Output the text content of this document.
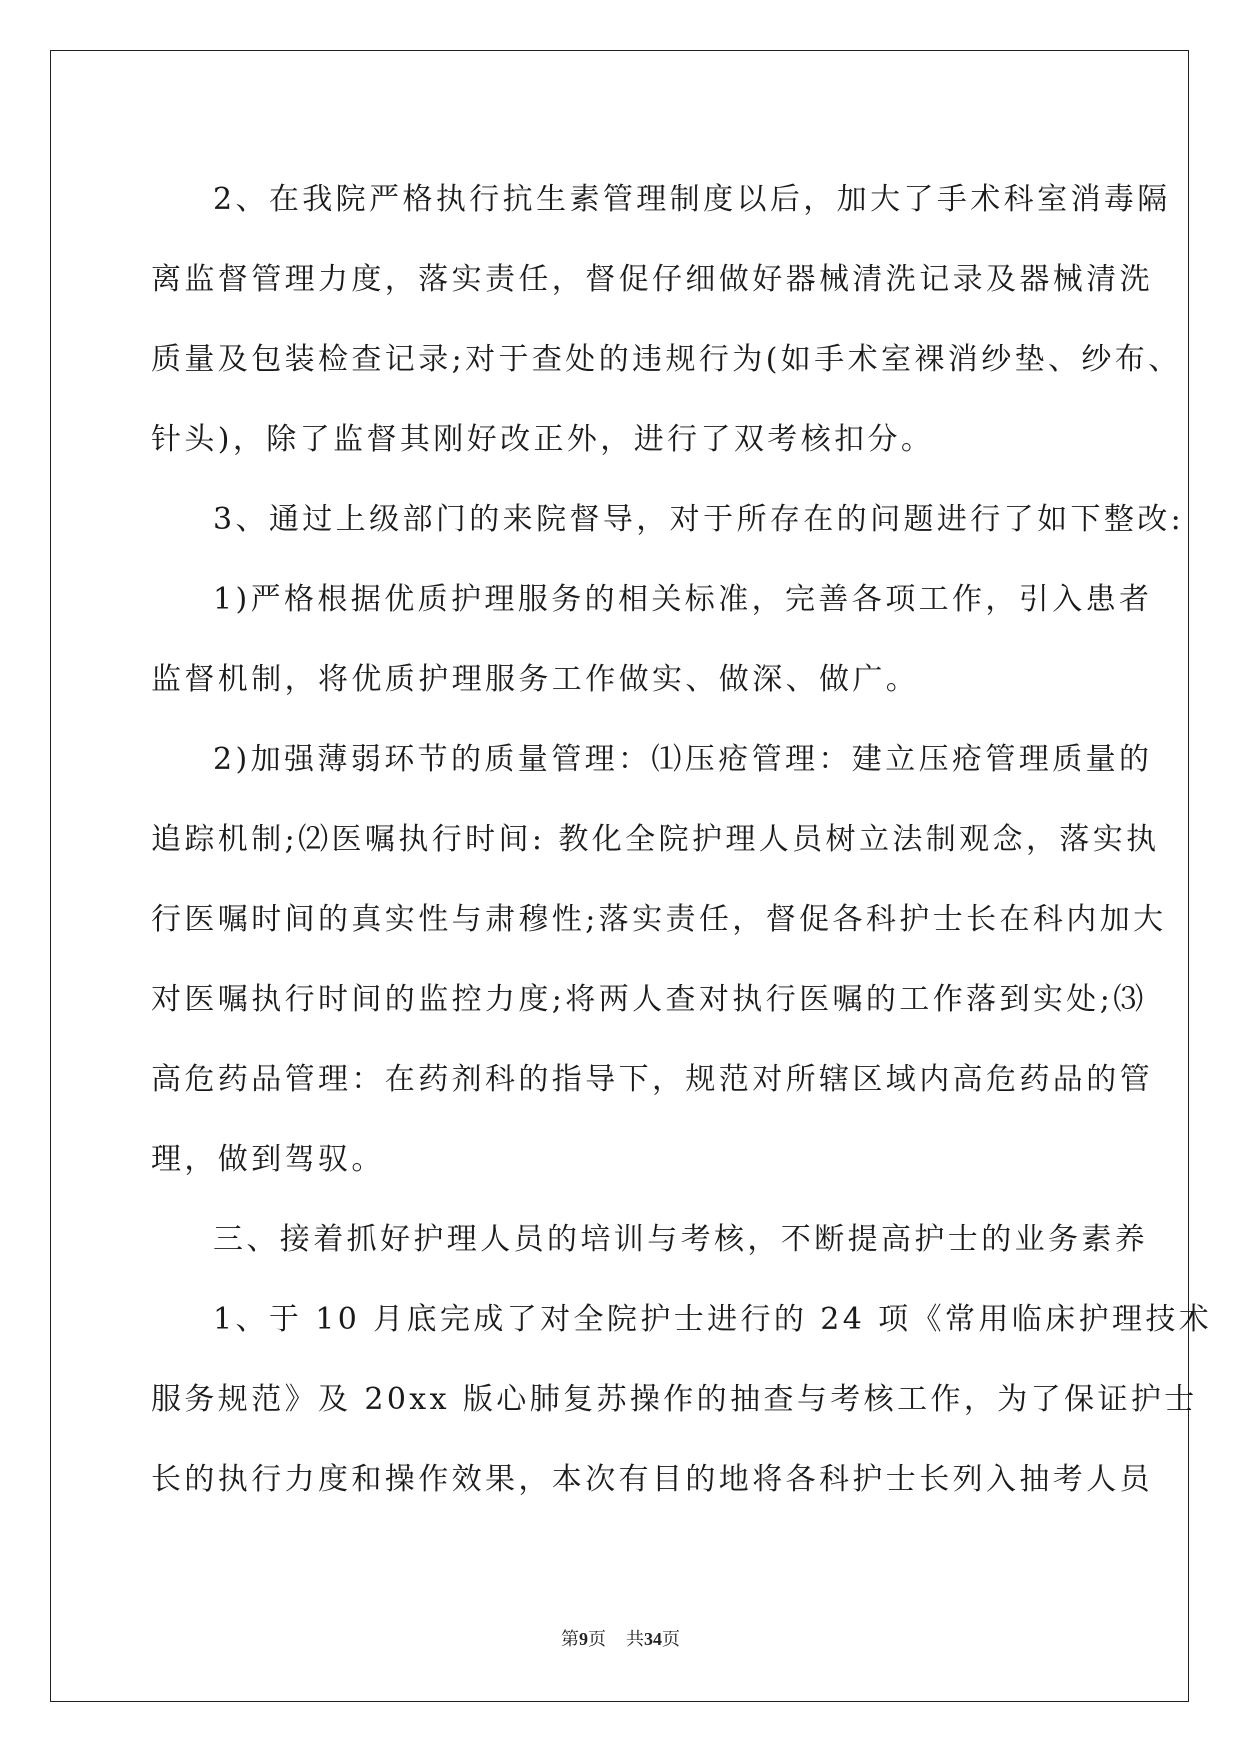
2、在我院严格执行抗生素管理制度以后，加大了手术科室消毒隔
离监督管理力度，落实责任，督促仔细做好器械清洗记录及器械清洗
质量及包装检查记录;对于查处的违规行为(如手术室裸消纱垫、纱布、
针头)，除了监督其刚好改正外，进行了双考核扣分。
3、通过上级部门的来院督导，对于所存在的问题进行了如下整改:
1)严格根据优质护理服务的相关标准，完善各项工作，引入患者
监督机制，将优质护理服务工作做实、做深、做广。
2)加强薄弱环节的质量管理：⑴压疮管理：建立压疮管理质量的
追踪机制;⑵医嘱执行时间: 教化全院护理人员树立法制观念，落实执
行医嘱时间的真实性与肃穆性;落实责任，督促各科护士长在科内加大
对医嘱执行时间的监控力度;将两人查对执行医嘱的工作落到实处;⑶
高危药品管理：在药剂科的指导下，规范对所辖区域内高危药品的管
理，做到驾驭。
三、接着抓好护理人员的培训与考核，不断提高护士的业务素养
1、于 10 月底完成了对全院护士进行的 24 项《常用临床护理技术
服务规范》及 20xx 版心肺复苏操作的抽查与考核工作，为了保证护士
长的执行力度和操作效果，本次有目的地将各科护士长列入抽考人员
第9页 共34页
